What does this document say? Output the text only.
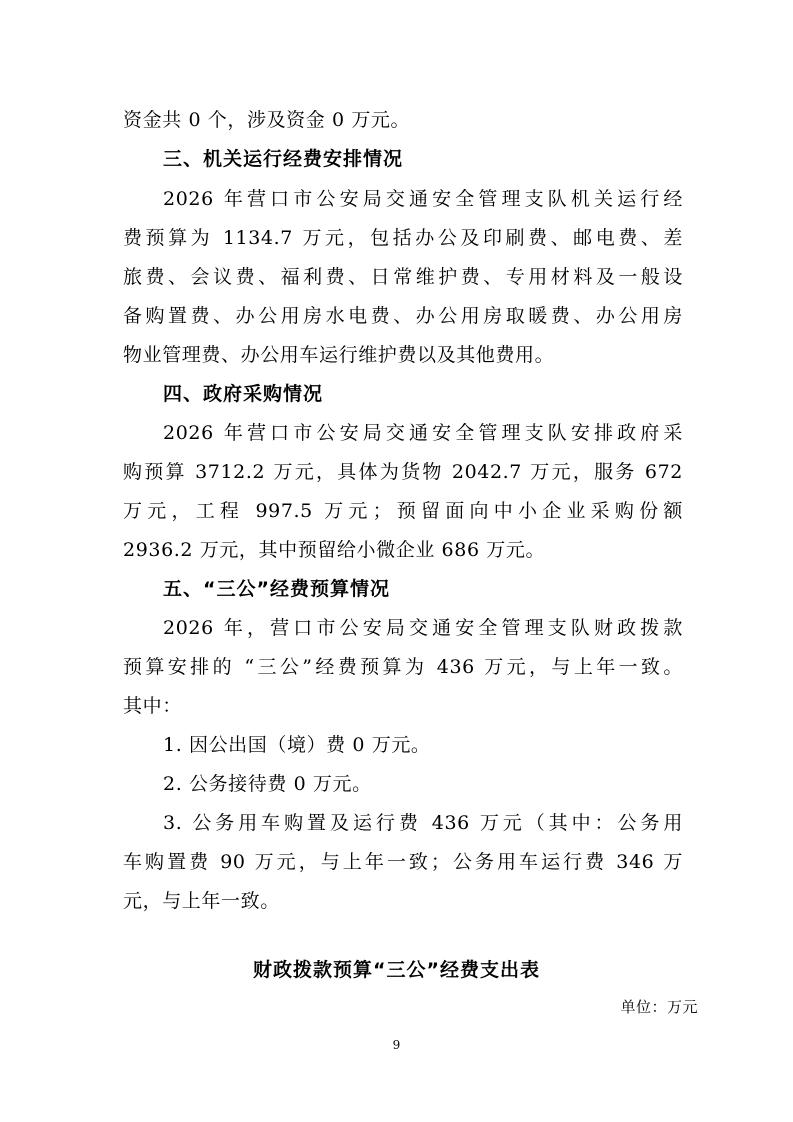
资金共 0 个，涉及资金 0 万元。
三、机关运行经费安排情况
2026 年营口市公安局交通安全管理支队机关运行经
费预算为 1134.7 万元，包括办公及印刷费、邮电费、差
旅费、会议费、福利费、日常维护费、专用材料及一般设
备购置费、办公用房水电费、办公用房取暖费、办公用房
物业管理费、办公用车运行维护费以及其他费用。
四、政府采购情况
2026 年营口市公安局交通安全管理支队安排政府采
购预算 3712.2 万元，具体为货物 2042.7 万元，服务 672
万元，工程 997.5 万元；预留面向中小企业采购份额
2936.2 万元，其中预留给小微企业 686 万元。
五、“三公”经费预算情况
2026 年，营口市公安局交通安全管理支队财政拨款
预算安排的 “三公”经费预算为 436 万元，与上年一致。
其中：
1. 因公出国（境）费 0 万元。
2. 公务接待费 0 万元。
3. 公务用车购置及运行费 436 万元（其中：公务用
车购置费 90 万元，与上年一致；公务用车运行费 346 万
元，与上年一致。
财政拨款预算“三公”经费支出表
单位：万元
9
